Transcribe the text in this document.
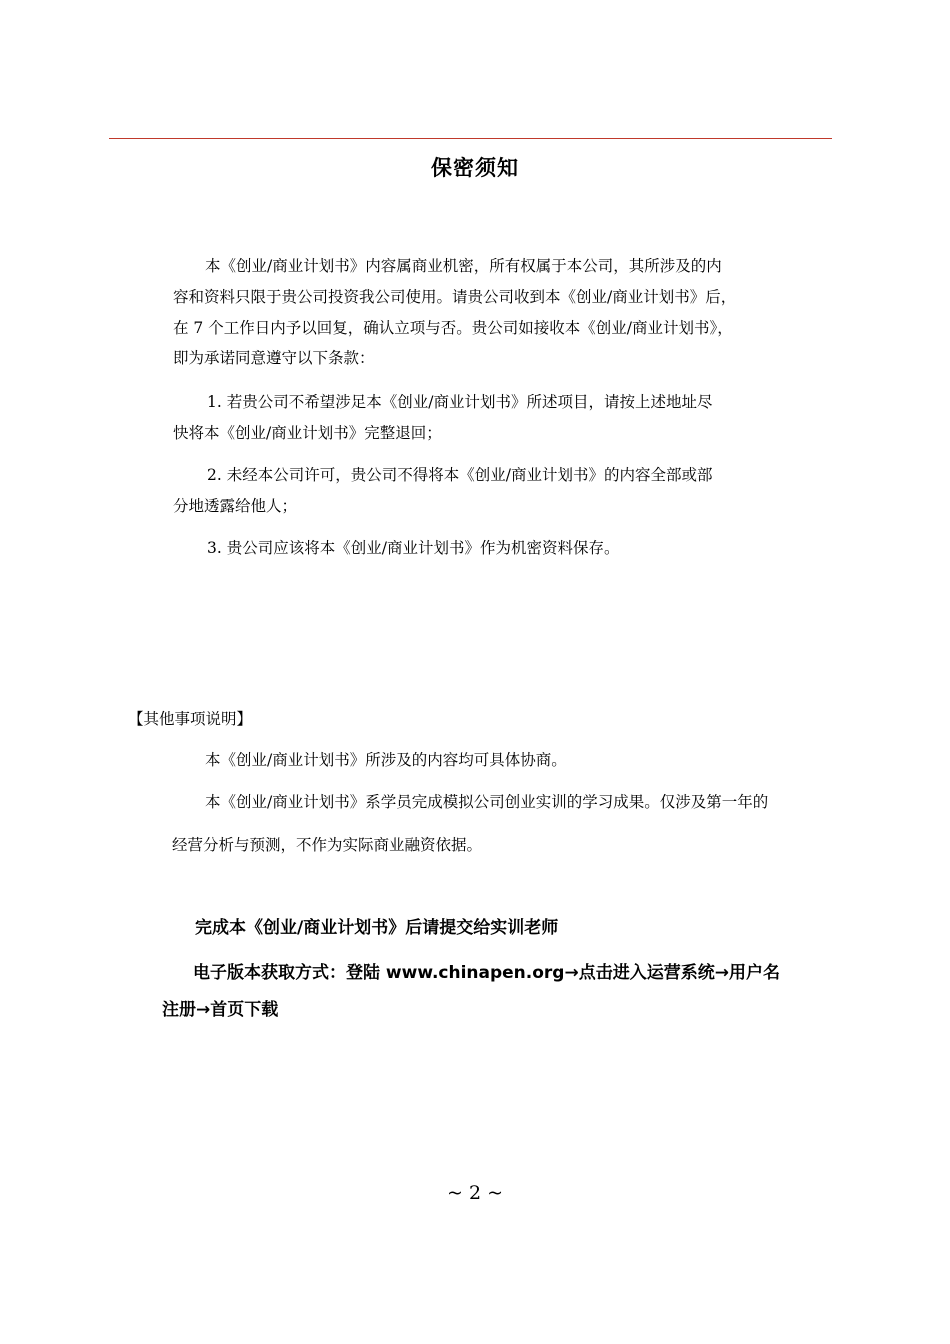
保密须知
本《创业/商业计划书》内容属商业机密，所有权属于本公司，其所涉及的内
容和资料只限于贵公司投资我公司使用。请贵公司收到本《创业/商业计划书》后，
在 7 个工作日内予以回复，确认立项与否。贵公司如接收本《创业/商业计划书》，
即为承诺同意遵守以下条款：
1. 若贵公司不希望涉足本《创业/商业计划书》所述项目，请按上述地址尽
快将本《创业/商业计划书》完整退回；
2. 未经本公司许可，贵公司不得将本《创业/商业计划书》的内容全部或部
分地透露给他人；
3. 贵公司应该将本《创业/商业计划书》作为机密资料保存。
【其他事项说明】
本《创业/商业计划书》所涉及的内容均可具体协商。
本《创业/商业计划书》系学员完成模拟公司创业实训的学习成果。仅涉及第一年的
经营分析与预测，不作为实际商业融资依据。
完成本《创业/商业计划书》后请提交给实训老师
电子版本获取方式：登陆 www.chinapen.org→点击进入运营系统→用户名
注册→首页下载
~ 2 ~
